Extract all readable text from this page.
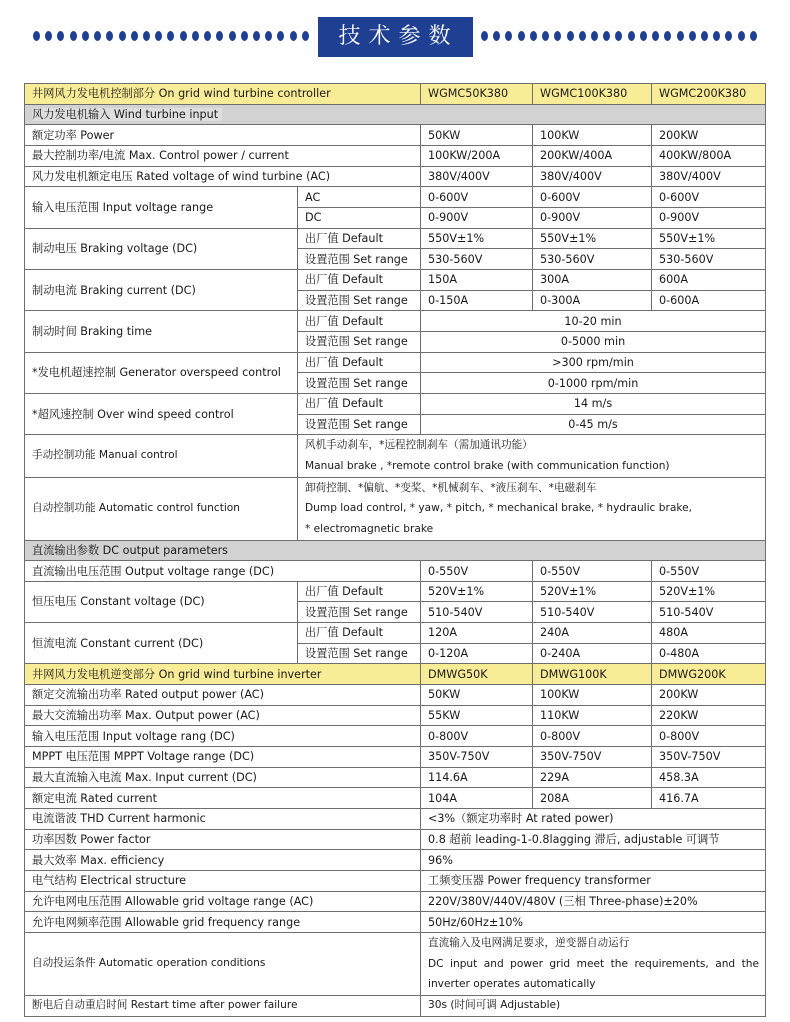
技术参数
井网风力发电机控制部分 On grid wind turbine controller		WGMC50K380	WGMC100K380	WGMC200K380
风力发电机输入 Wind turbine input				
额定功率 Power		50KW	100KW	200KW
最大控制功率/电流 Max. Control power / current		100KW/200A	200KW/400A	400KW/800A
风力发电机额定电压 Rated voltage of wind turbine (AC)		380V/400V	380V/400V	380V/400V
输入电压范围 Input voltage range	AC	0-600V	0-600V	0-600V
	DC	0-900V	0-900V	0-900V
制动电压 Braking voltage (DC)	出厂值 Default	550V±1%	550V±1%	550V±1%
	设置范围 Set range	530-560V	530-560V	530-560V
制动电流 Braking current (DC)	出厂值 Default	150A	300A	600A
	设置范围 Set range	0-150A	0-300A	0-600A
制动时间 Braking time	出厂值 Default	10-20 min		
	设置范围 Set range	0-5000 min		
*发电机超速控制 Generator overspeed control	出厂值 Default	>300 rpm/min		
	设置范围 Set range	0-1000 rpm/min		
*超风速控制 Over wind speed control	出厂值 Default	14 m/s		
	设置范围 Set range	0-45 m/s		
手动控制功能 Manual control	风机手动刹车，*远程控制刹车（需加通讯功能）
Manual brake , *remote control brake (with communication function)			

自动控制功能 Automatic control function	卸荷控制、*偏航、*变桨、*机械刹车、*液压刹车、*电磁刹车
Dump load control, * yaw, * pitch, * mechanical brake, * hydraulic brake,
* electromagnetic brake			

直流输出参数 DC output parameters				
直流输出电压范围 Output voltage range (DC)		0-550V	0-550V	0-550V
恒压电压 Constant voltage (DC)	出厂值 Default	520V±1%	520V±1%	520V±1%
	设置范围 Set range	510-540V	510-540V	510-540V
恒流电流 Constant current (DC)	出厂值 Default	120A	240A	480A
	设置范围 Set range	0-120A	0-240A	0-480A
井网风力发电机逆变部分 On grid wind turbine inverter		DMWG50K	DMWG100K	DMWG200K
额定交流输出功率 Rated output power (AC)		50KW	100KW	200KW
最大交流输出功率 Max. Output power (AC)		55KW	110KW	220KW
输入电压范围 Input voltage rang (DC)		0-800V	0-800V	0-800V
MPPT 电压范围 MPPT Voltage range (DC)		350V-750V	350V-750V	350V-750V
最大直流输入电流 Max. Input current (DC)		114.6A	229A	458.3A
额定电流 Rated current		104A	208A	416.7A
电流谐波 THD Current harmonic		<3%（额定功率时 At rated power)		
功率因数 Power factor		0.8 超前 leading-1-0.8lagging 滞后, adjustable 可调节		
最大效率 Max. efficiency		96%		
电气结构 Electrical structure		工频变压器 Power frequency transformer		
允许电网电压范围 Allowable grid voltage range (AC)		220V/380V/440V/480V (三相 Three-phase)±20%		
允许电网频率范围 Allowable grid frequency range		50Hz/60Hz±10%		
自动投运条件 Automatic operation conditions		直流输入及电网满足要求，逆变器自动运行
DC input and power grid meet the requirements, and the inverter operates automatically		

断电后自动重启时间 Restart time after power failure		30s (时间可调 Adjustable)		
